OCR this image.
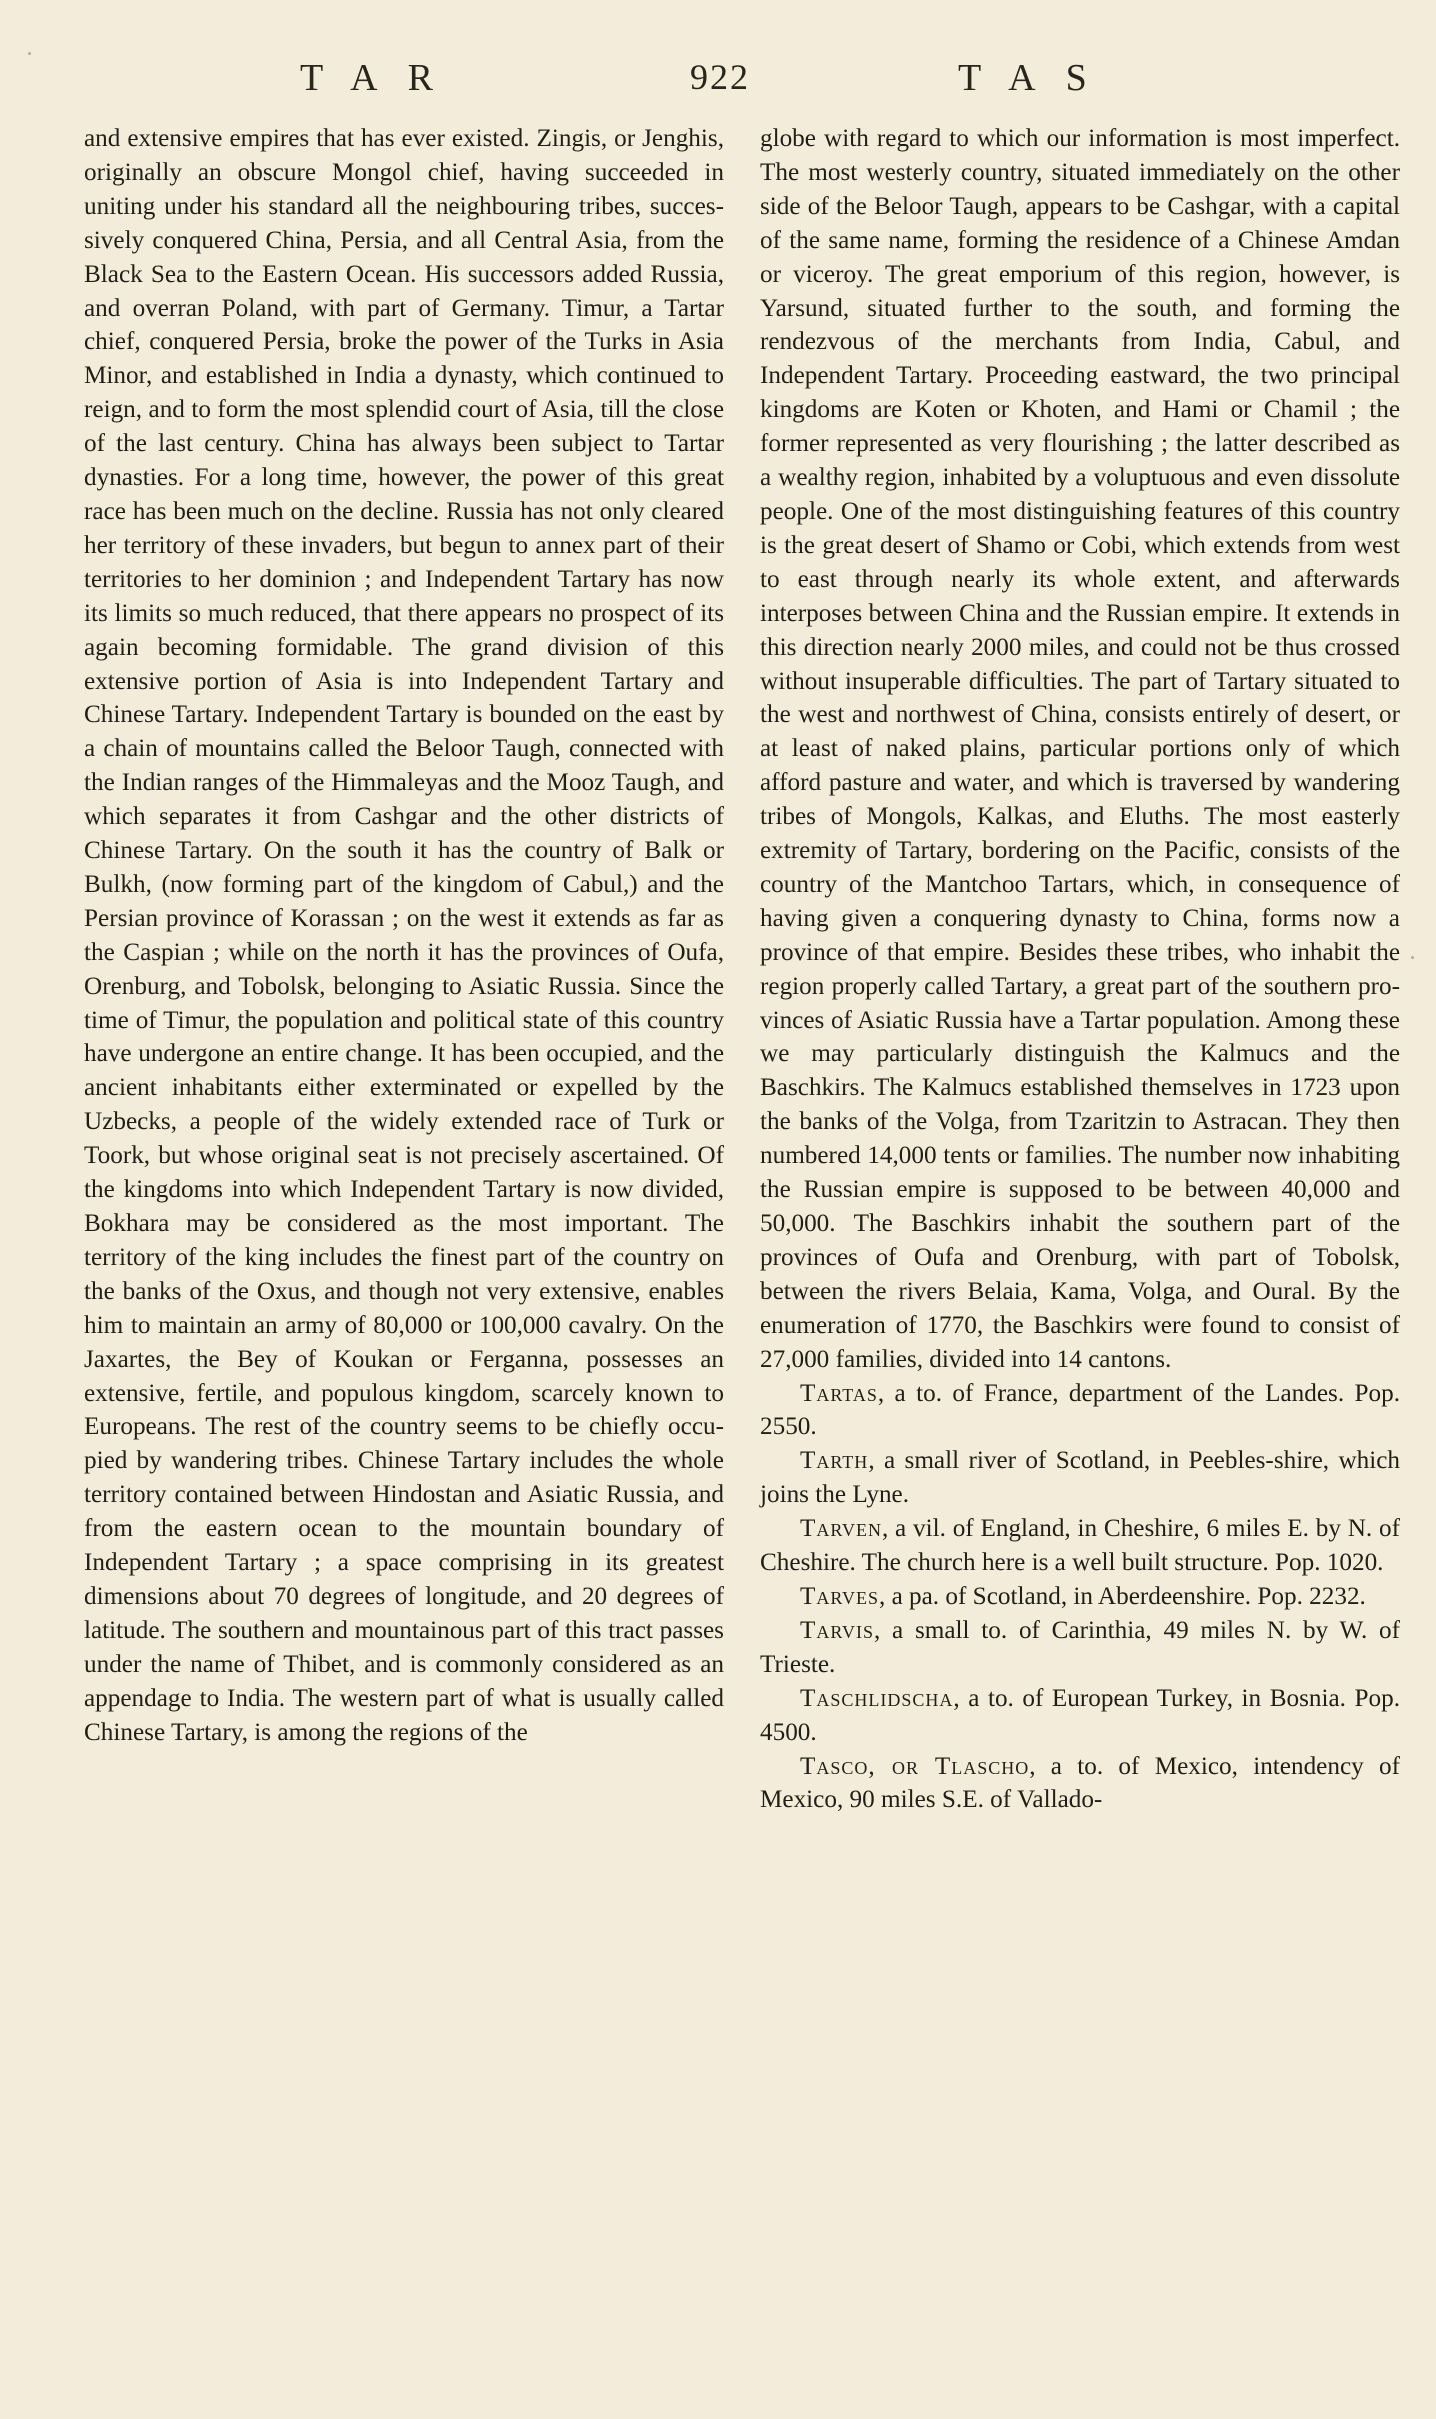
TAR	922	TAS

and extensive empires that has ever existed. Zingis, or Jenghis, originally an obscure Mongol chief, having succeeded in uniting under his standard all the neighbouring tribes, successively conquered China, Persia, and all Central Asia, from the Black Sea to the Eastern Ocean. His successors added Russia, and overran Poland, with part of Germany. Timur, a Tartar chief, conquered Persia, broke the power of the Turks in Asia Minor, and established in India a dynasty, which continued to reign, and to form the most splendid court of Asia, till the close of the last century. China has always been subject to Tartar dynasties. For a long time, however, the power of this great race has been much on the decline. Russia has not only cleared her territory of these invaders, but begun to annex part of their territories to her dominion ; and Independent Tartary has now its limits so much reduced, that there appears no prospect of its again becoming formidable. The grand division of this extensive portion of Asia is into Independent Tartary and Chinese Tartary. Independent Tartary is bounded on the east by a chain of mountains called the Beloor Taugh, connected with the Indian ranges of the Himmaleyas and the Mooz Taugh, and which separates it from Cashgar and the other districts of Chinese Tartary. On the south it has the country of Balk or Bulkh, (now forming part of the kingdom of Cabul,) and the Persian province of Korassan ; on the west it extends as far as the Caspian ; while on the north it has the provinces of Oufa, Orenburg, and Tobolsk, belonging to Asiatic Russia. Since the time of Timur, the population and political state of this country have undergone an entire change. It has been occupied, and the ancient inhabitants either exterminated or expelled by the Uzbecks, a people of the widely extended race of Turk or Toork, but whose original seat is not precisely ascertained. Of the kingdoms into which Independent Tartary is now divided, Bokhara may be considered as the most important. The territory of the king includes the finest part of the country on the banks of the Oxus, and though not very extensive, enables him to maintain an army of 80,000 or 100,000 cavalry. On the Jaxartes, the Bey of Koukan or Ferganna, possesses an extensive, fertile, and populous kingdom, scarcely known to Europeans. The rest of the country seems to be chiefly occupied by wandering tribes. Chinese Tartary includes the whole territory contained between Hindostan and Asiatic Russia, and from the eastern ocean to the mountain boundary of Independent Tartary ; a space comprising in its greatest dimensions about 70 degrees of longitude, and 20 degrees of latitude. The southern and mountainous part of this tract passes under the name of Thibet, and is commonly considered as an appendage to India. The western part of what is usually called Chinese Tartary, is among the regions of the

globe with regard to which our information is most imperfect. The most westerly country, situated immediately on the other side of the Beloor Taugh, appears to be Cashgar, with a capital of the same name, forming the residence of a Chinese Amdan or viceroy. The great emporium of this region, however, is Yarsund, situated further to the south, and forming the rendezvous of the merchants from India, Cabul, and Independent Tartary. Proceeding eastward, the two principal kingdoms are Koten or Khoten, and Hami or Chamil ; the former represented as very flourishing ; the latter described as a wealthy region, inhabited by a voluptuous and even dissolute people. One of the most distinguishing features of this country is the great desert of Shamo or Cobi, which extends from west to east through nearly its whole extent, and afterwards interposes between China and the Russian empire. It extends in this direction nearly 2000 miles, and could not be thus crossed without insuperable difficulties. The part of Tartary situated to the west and northwest of China, consists entirely of desert, or at least of naked plains, particular portions only of which afford pasture and water, and which is traversed by wandering tribes of Mongols, Kalkas, and Eluths. The most easterly extremity of Tartary, bordering on the Pacific, consists of the country of the Mantchoo Tartars, which, in consequence of having given a conquering dynasty to China, forms now a province of that empire. Besides these tribes, who inhabit the region properly called Tartary, a great part of the southern provinces of Asiatic Russia have a Tartar population. Among these we may particularly distinguish the Kalmucs and the Baschkirs. The Kalmucs established themselves in 1723 upon the banks of the Volga, from Tzaritzin to Astracan. They then numbered 14,000 tents or families. The number now inhabiting the Russian empire is supposed to be between 40,000 and 50,000. The Baschkirs inhabit the southern part of the provinces of Oufa and Orenburg, with part of Tobolsk, between the rivers Belaia, Kama, Volga, and Oural. By the enumeration of 1770, the Baschkirs were found to consist of 27,000 families, divided into 14 cantons.

Tartas, a to. of France, department of the Landes. Pop. 2550.

Tarth, a small river of Scotland, in Peebles-shire, which joins the Lyne.

Tarven, a vil. of England, in Cheshire, 6 miles E. by N. of Cheshire. The church here is a well built structure. Pop. 1020.

Tarves, a pa. of Scotland, in Aberdeenshire. Pop. 2232.

Tarvis, a small to. of Carinthia, 49 miles N. by W. of Trieste.

Taschlidscha, a to. of European Turkey, in Bosnia. Pop. 4500.

Tasco, or Tlascho, a to. of Mexico, intendency of Mexico, 90 miles S.E. of Vallado-
